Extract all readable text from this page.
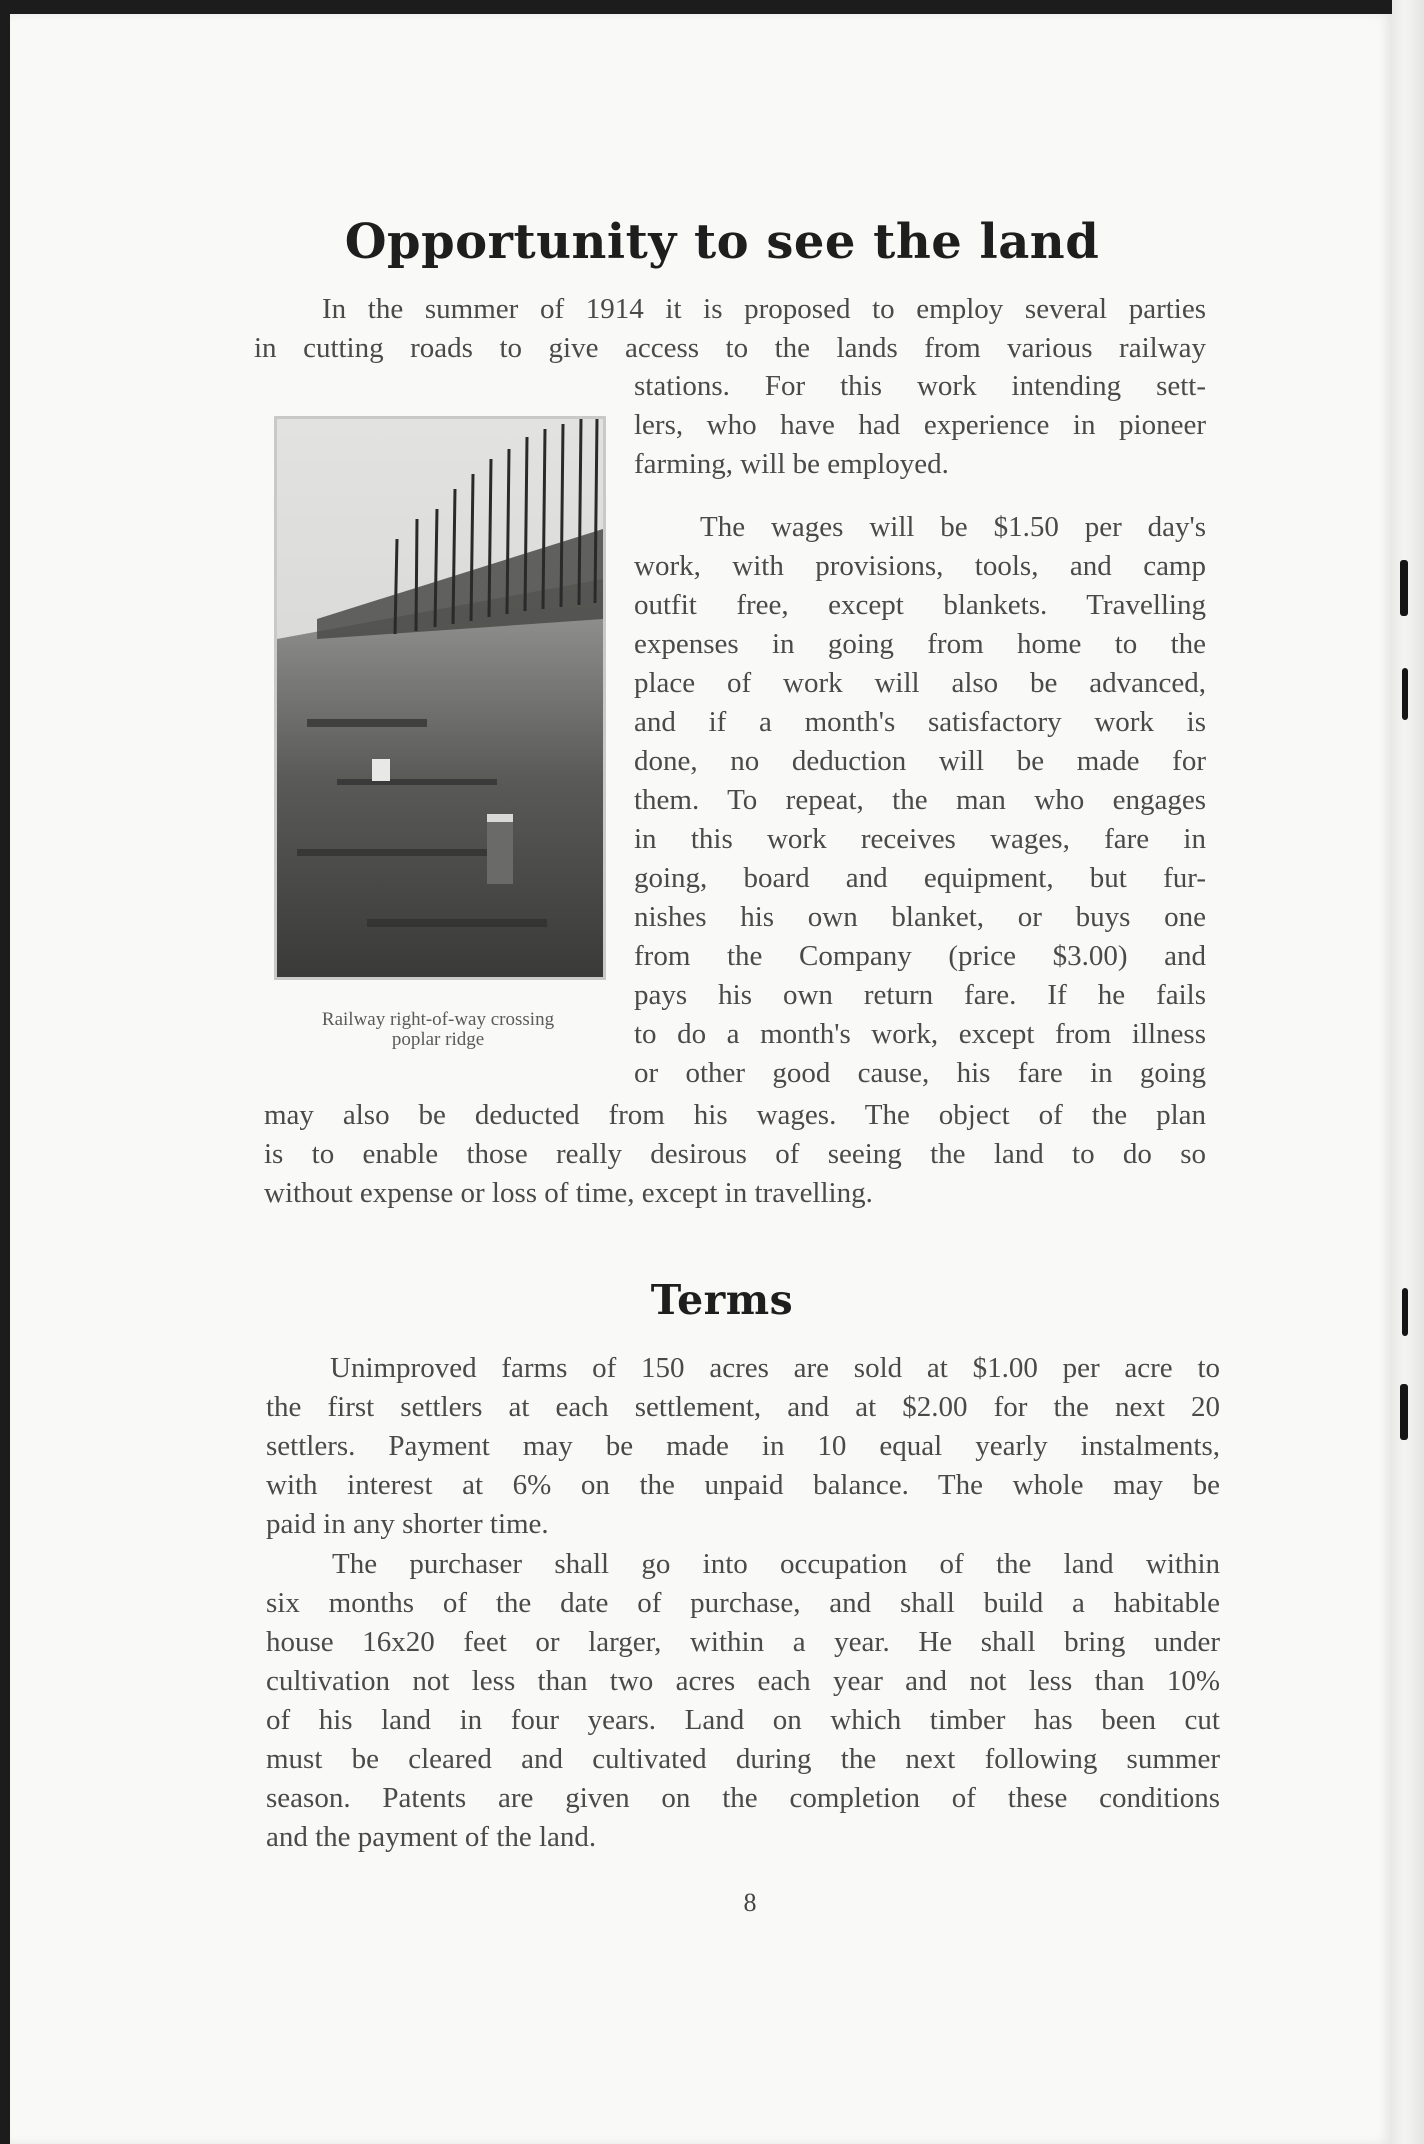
Opportunity to see the land
In the summer of 1914 it is proposed to employ several parties
in cutting roads to give access to the lands from various railway
stations. For this work intending sett-
lers, who have had experience in pioneer
farming, will be employed.
The wages will be $1.50 per day's
work, with provisions, tools, and camp
outfit free, except blankets. Travelling
expenses in going from home to the
place of work will also be advanced,
and if a month's satisfactory work is
done, no deduction will be made for
them. To repeat, the man who engages
in this work receives wages, fare in
going, board and equipment, but fur-
nishes his own blanket, or buys one
from the Company (price $3.00) and
pays his own return fare. If he fails
to do a month's work, except from illness
or other good cause, his fare in going
may also be deducted from his wages. The object of the plan
is to enable those really desirous of seeing the land to do so
without expense or loss of time, except in travelling.

Railway right-of-way crossing

poplar ridge

Terms
Unimproved farms of 150 acres are sold at $1.00 per acre to
the first settlers at each settlement, and at $2.00 for the next 20
settlers. Payment may be made in 10 equal yearly instalments,
with interest at 6% on the unpaid balance. The whole may be
paid in any shorter time.
The purchaser shall go into occupation of the land within
six months of the date of purchase, and shall build a habitable
house 16x20 feet or larger, within a year. He shall bring under
cultivation not less than two acres each year and not less than 10%
of his land in four years. Land on which timber has been cut
must be cleared and cultivated during the next following summer
season. Patents are given on the completion of these conditions
and the payment of the land.
8
